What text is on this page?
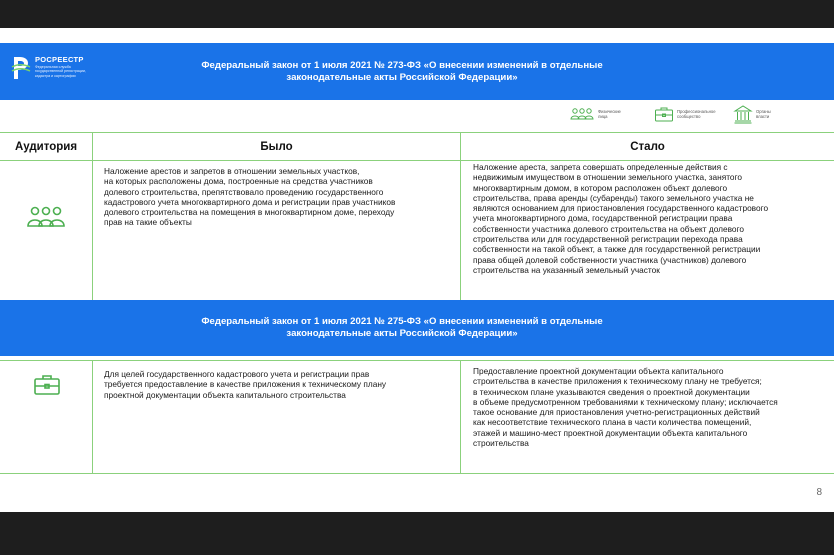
РОСРЕЕСТР
Федеральная служба
государственной регистрации,
кадастра и картографии
Федеральный закон от 1 июля 2021 № 273-ФЗ «О внесении изменений в отдельные
законодательные акты Российской Федерации»
Физические
лица
Профессиональное
сообщество
Органы
власти
Аудитория	Было	Стало
Наложение арестов и запретов в отношении земельных участков,
на которых расположены дома, построенные на средства участников
долевого строительства, препятствовало проведению государственного
кадастрового учета многоквартирного дома и регистрации прав участников
долевого строительства на помещения в многоквартирном доме, переходу
прав на такие объекты
Наложение ареста, запрета совершать определенные действия с
недвижимым имуществом в отношении земельного участка, занятого
многоквартирным домом, в котором расположен объект долевого
строительства, права аренды (субаренды) такого земельного участка не
являются основанием для приостановления государственного кадастрового
учета многоквартирного дома, государственной регистрации права
собственности участника долевого строительства на объект долевого
строительства или для государственной регистрации перехода права
собственности на такой объект, а также для государственной регистрации
права общей долевой собственности участника (участников) долевого
строительства на указанный земельный участок
Федеральный закон от 1 июля 2021 № 275-ФЗ «О внесении изменений в отдельные
законодательные акты Российской Федерации»
Для целей государственного кадастрового учета и регистрации прав
требуется предоставление в качестве приложения к техническому плану
проектной документации объекта капитального строительства
Предоставление проектной документации объекта капитального
строительства в качестве приложения к техническому плану не требуется;
в техническом плане указываются сведения о проектной документации
в объеме предусмотренном требованиями к техническому плану; исключается
такое основание для приостановления учетно-регистрационных действий
как несоответствие технического плана в части количества помещений,
этажей и машино-мест проектной документации объекта капитального
строительства
8
